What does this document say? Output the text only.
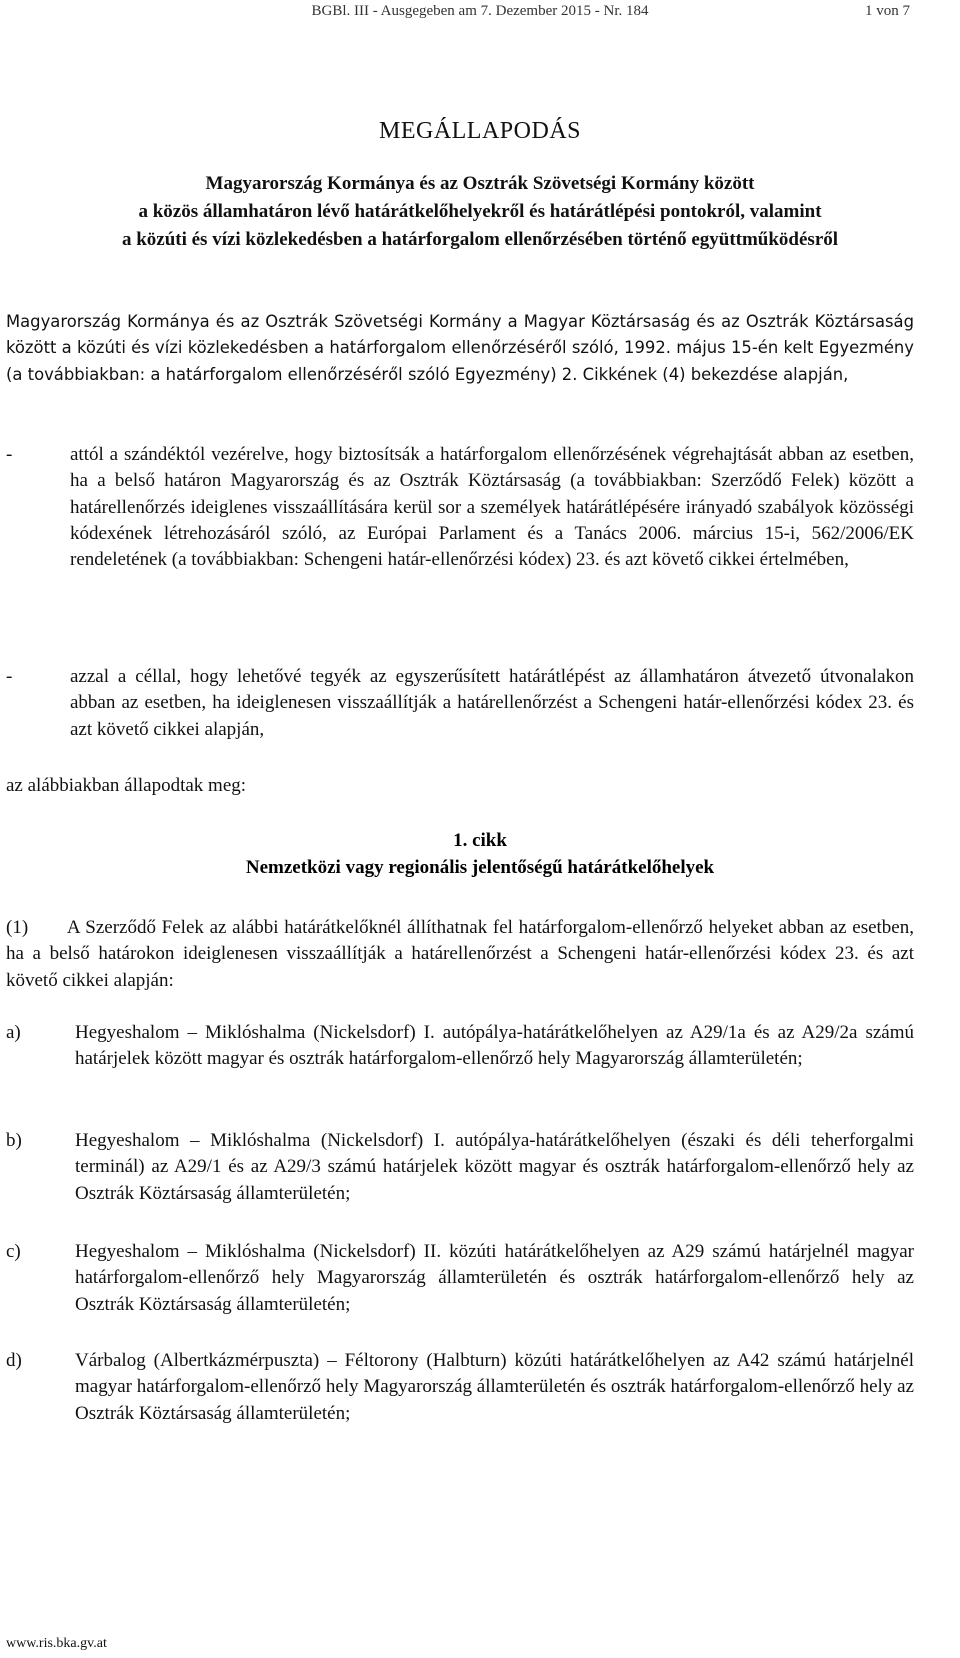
BGBl. III - Ausgegeben am 7. Dezember 2015 - Nr. 184	1 von 7
MEGÁLLAPODÁS
Magyarország Kormánya és az Osztrák Szövetségi Kormány között
a közös államhatáron lévő határátkelőhelyekről és határátlépési pontokról, valamint
a közúti és vízi közlekedésben a határforgalom ellenőrzésében történő együttműködésről
Magyarország Kormánya és az Osztrák Szövetségi Kormány a Magyar Köztársaság és az Osztrák Köztársaság között a közúti és vízi közlekedésben a határforgalom ellenőrzéséről szóló, 1992. május 15-én kelt Egyezmény (a továbbiakban: a határforgalom ellenőrzéséről szóló Egyezmény) 2. Cikkének (4) bekezdése alapján,
-	attól a szándéktól vezérelve, hogy biztosítsák a határforgalom ellenőrzésének végrehajtását abban az esetben, ha a belső határon Magyarország és az Osztrák Köztársaság (a továbbiakban: Szerződő Felek) között a határellenőrzés ideiglenes visszaállítására kerül sor a személyek határátlépésére irányadó szabályok közösségi kódexének létrehozásáról szóló, az Európai Parlament és a Tanács 2006. március 15-i, 562/2006/EK rendeletének (a továbbiakban: Schengeni határ-ellenőrzési kódex) 23. és azt követő cikkei értelmében,
-	azzal a céllal, hogy lehetővé tegyék az egyszerűsített határátlépést az államhatáron átvezető útvonalakon abban az esetben, ha ideiglenesen visszaállítják a határellenőrzést a Schengeni határ-ellenőrzési kódex 23. és azt követő cikkei alapján,
az alábbiakban állapodtak meg:
1. cikk
Nemzetközi vagy regionális jelentőségű határátkelőhelyek
(1)       A Szerződő Felek az alábbi határátkelőknél állíthatnak fel határforgalom-ellenőrző helyeket abban az esetben, ha a belső határokon ideiglenesen visszaállítják a határellenőrzést a Schengeni határ-ellenőrzési kódex 23. és azt követő cikkei alapján:
a)	Hegyeshalom – Miklóshalma (Nickelsdorf) I. autópálya-határátkelőhelyen az A29/1a és az A29/2a számú határjelek között magyar és osztrák határforgalom-ellenőrző hely Magyarország államterületén;
b)	Hegyeshalom – Miklóshalma (Nickelsdorf) I. autópálya-határátkelőhelyen (északi és déli teherforgalmi terminál) az A29/1 és az A29/3 számú határjelek között magyar és osztrák határforgalom-ellenőrző hely az Osztrák Köztársaság államterületén;
c)	Hegyeshalom – Miklóshalma (Nickelsdorf) II. közúti határátkelőhelyen az A29 számú határjelnél magyar határforgalom-ellenőrző hely Magyarország államterületén és osztrák határforgalom-ellenőrző hely az Osztrák Köztársaság államterületén;
d)	Várbalog (Albertkázmérpuszta) – Féltorony (Halbturn) közúti határátkelőhelyen az A42 számú határjelnél magyar határforgalom-ellenőrző hely Magyarország államterületén és osztrák határforgalom-ellenőrző hely az Osztrák Köztársaság államterületén;
www.ris.bka.gv.at
